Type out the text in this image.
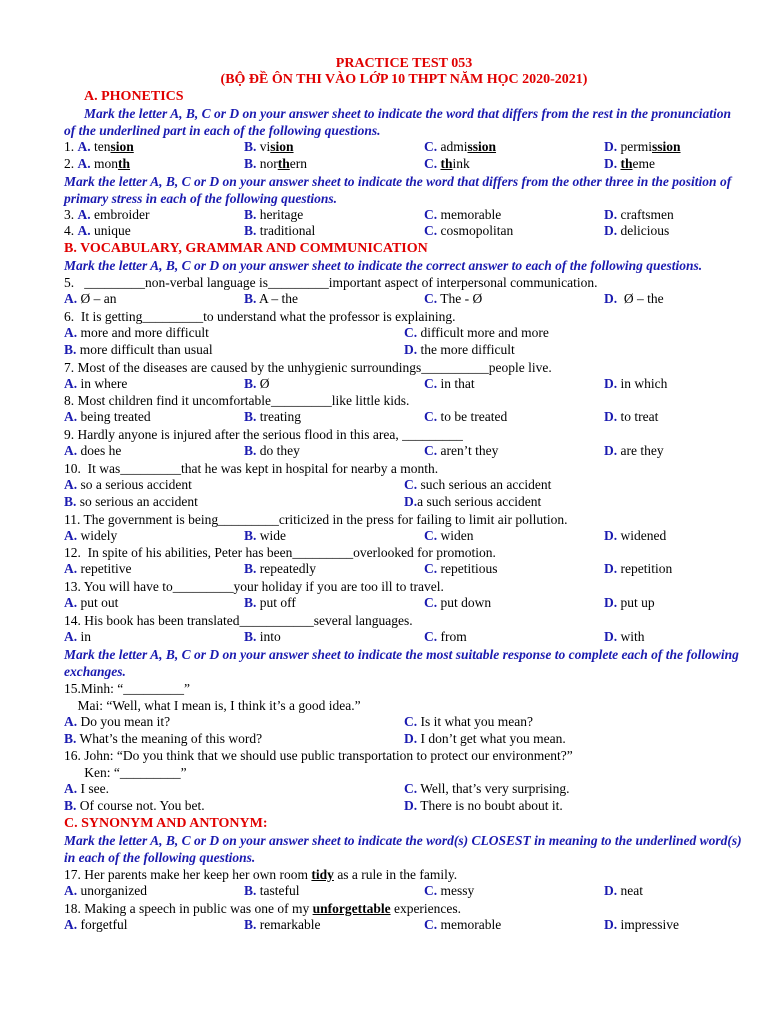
PRACTICE TEST 053
(BỘ ĐỀ ÔN THI VÀO LỚP 10 THPT NĂM HỌC 2020-2021)
A. PHONETICS
Mark the letter A, B, C or D on your answer sheet to indicate the word that differs from the rest in the pronunciation of the underlined part in each of the following questions.
1. A. tension	B. vision	C. admission	D. permission
2. A. month	B. northern	C. think	D. theme
Mark the letter A, B, C or D on your answer sheet to indicate the word that differs from the other three in the position of primary stress in each of the following questions.
3. A. embroider	B. heritage	C. memorable	D. craftsmen
4. A. unique	B. traditional	C. cosmopolitan	D. delicious
B. VOCABULARY, GRAMMAR AND COMMUNICATION
Mark the letter A, B, C or D on your answer sheet to indicate the correct answer to each of the following questions.
5.   _________non-verbal language is_________important aspect of interpersonal communication.
A. Ø – an	B. A – the	C. The - Ø	D.  Ø – the
6.  It is getting_________to understand what the professor is explaining.
A. more and more difficult	C. difficult more and more
B. more difficult than usual	D. the more difficult
7. Most of the diseases are caused by the unhygienic surroundings__________people live.
A. in where	B. Ø	C. in that	D. in which
8. Most children find it uncomfortable_________like little kids.
A. being treated	B. treating	C. to be treated	D. to treat
9. Hardly anyone is injured after the serious flood in this area, _________
A. does he	B. do they	C. aren’t they	D. are they
10.  It was_________that he was kept in hospital for nearby a month.
A. so a serious accident	C. such serious an accident
B. so serious an accident	D.a such serious accident
11. The government is being_________criticized in the press for failing to limit air pollution.
A. widely	B. wide	C. widen	D. widened
12.  In spite of his abilities, Peter has been_________overlooked for promotion.
A. repetitive	B. repeatedly	C. repetitious	D. repetition
13. You will have to_________your holiday if you are too ill to travel.
A. put out	B. put off	C. put down	D. put up
14. His book has been translated___________several languages.
A. in	B. into	C. from	D. with
Mark the letter A, B, C or D on your answer sheet to indicate the most suitable response to complete each of the following exchanges.
15.Minh: “_________”
Mai: “Well, what I mean is, I think it’s a good idea.”
A. Do you mean it?	C. Is it what you mean?
B. What’s the meaning of this word?	D. I don’t get what you mean.
16. John: “Do you think that we should use public transportation to protect our environment?”
Ken: “_________”
A. I see.	C. Well, that’s very surprising.
B. Of course not. You bet.	D. There is no boubt about it.
C. SYNONYM AND ANTONYM:
Mark the letter A, B, C or D on your answer sheet to indicate the word(s) CLOSEST in meaning to the underlined word(s) in each of the following questions.
17. Her parents make her keep her own room tidy as a rule in the family.
A. unorganized	B. tasteful	C. messy	D. neat
18. Making a speech in public was one of my unforgettable experiences.
A. forgetful	B. remarkable	C. memorable	D. impressive
